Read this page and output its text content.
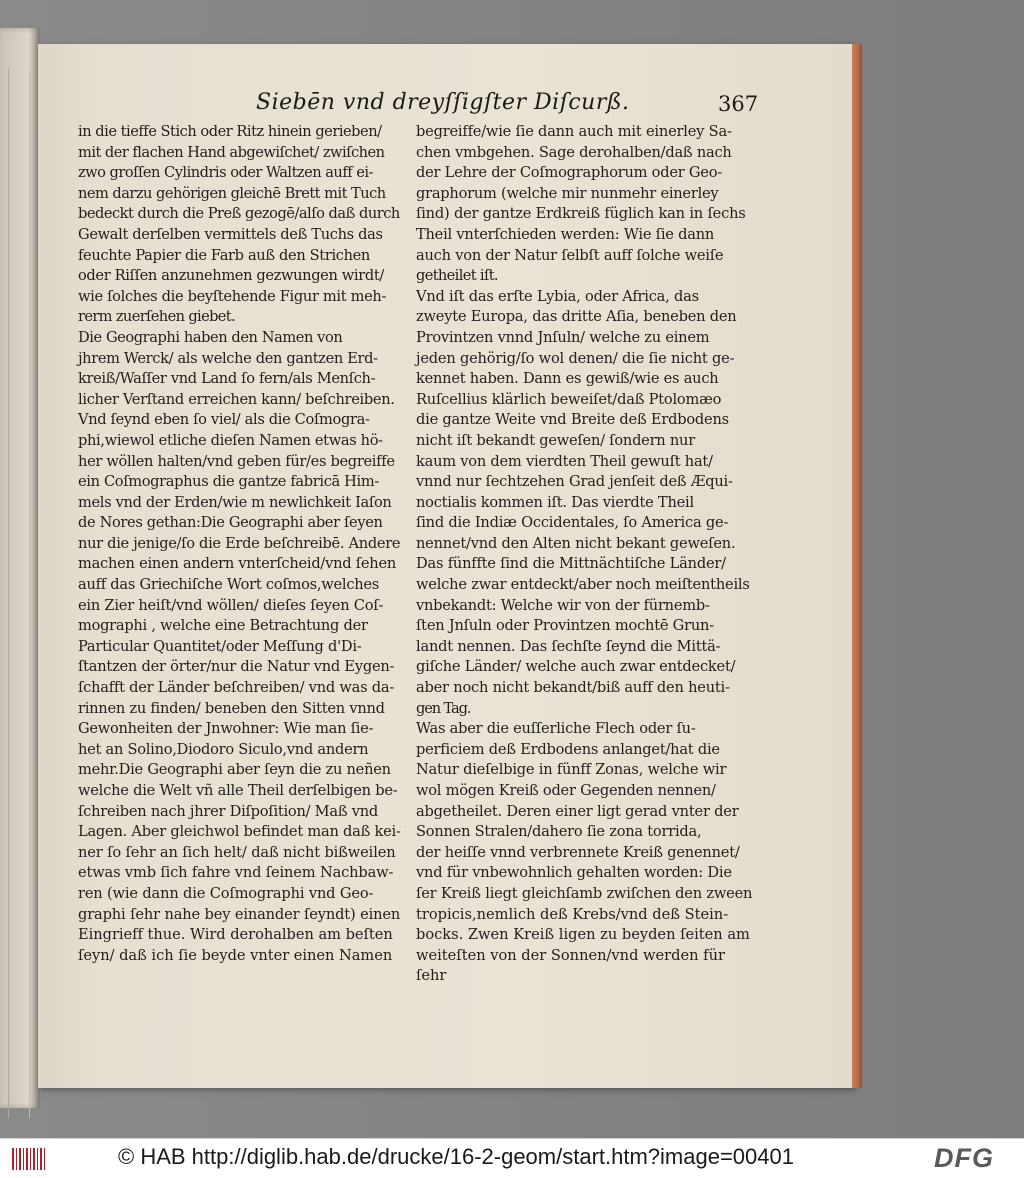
Siebēn vnd dreyſſigſter Diſcurß.	367
in die tieffe Stich oder Ritz hinein gerieben/
mit der flachen Hand abgewiſchet/ zwiſchen
zwo groſſen Cylindris oder Waltzen auff ei-
nem darzu gehörigen gleichē Brett mit Tuch
bedeckt durch die Preß gezogē/alſo daß durch
Gewalt derſelben vermittels deß Tuchs das
feuchte Papier die Farb auß den Strichen
oder Riſſen anzunehmen gezwungen wirdt/
wie ſolches die beyſtehende Figur mit meh-
rerm zuerſehen giebet.
Die Geographi haben den Namen von
jhrem Werck/ als welche den gantzen Erd-
kreiß/Waſſer vnd Land ſo fern/als Menſch-
licher Verſtand erreichen kann/ beſchreiben.
Vnd ſeynd eben ſo viel/ als die Coſmogra-
phi,wiewol etliche dieſen Namen etwas hö-
her wöllen halten/vnd geben für/es begreiffe
ein Coſmographus die gantze fabricā Him-
mels vnd der Erden/wie m newlichkeit Iaſon
de Nores gethan:Die Geographi aber ſeyen
nur die jenige/ſo die Erde beſchreibē. Andere
machen einen andern vnterſcheid/vnd ſehen
auff das Griechiſche Wort coſmos,welches
ein Zier heiſt/vnd wöllen/ dieſes ſeyen Coſ-
mographi , welche eine Betrachtung der
Particular Quantitet/oder Meſſung d'Di-
ſtantzen der örter/nur die Natur vnd Eygen-
ſchafft der Länder beſchreiben/ vnd was da-
rinnen zu finden/ beneben den Sitten vnnd
Gewonheiten der Jnwohner: Wie man ſie-
het an Solino,Diodoro Siculo,vnd andern
mehr.Die Geographi aber ſeyn die zu neñen
welche die Welt vñ alle Theil derſelbigen be-
ſchreiben nach jhrer Diſpoſition/ Maß vnd
Lagen. Aber gleichwol befindet man daß kei-
ner ſo ſehr an ſich helt/ daß nicht bißweilen
etwas vmb ſich fahre vnd ſeinem Nachbaw-
ren (wie dann die Coſmographi vnd Geo-
graphi ſehr nahe bey einander ſeyndt) einen
Eingrieff thue. Wird derohalben am beſten
ſeyn/ daß ich ſie beyde vnter einen Namen
begreiffe/wie ſie dann auch mit einerley Sa-
chen vmbgehen. Sage derohalben/daß nach
der Lehre der Coſmographorum oder Geo-
graphorum (welche mir nunmehr einerley
ſind) der gantze Erdkreiß füglich kan in ſechs
Theil vnterſchieden werden: Wie ſie dann
auch von der Natur ſelbſt auff ſolche weiſe
getheilet iſt.
Vnd iſt das erſte Lybia, oder Africa, das
zweyte Europa, das dritte Aſia, beneben den
Provintzen vnnd Jnſuln/ welche zu einem
jeden gehörig/ſo wol denen/ die ſie nicht ge-
kennet haben. Dann es gewiß/wie es auch
Ruſcellius klärlich beweiſet/daß Ptolomæo
die gantze Weite vnd Breite deß Erdbodens
nicht iſt bekandt geweſen/ ſondern nur
kaum von dem vierdten Theil gewuſt hat/
vnnd nur ſechtzehen Grad jenſeit deß Æqui-
noctialis kommen iſt. Das vierdte Theil
ſind die Indiæ Occidentales, ſo America ge-
nennet/vnd den Alten nicht bekant geweſen.
Das fünffte ſind die Mittnächtiſche Länder/
welche zwar entdeckt/aber noch meiſtentheils
vnbekandt: Welche wir von der fürnemb-
ſten Jnſuln oder Provintzen mochtē Grun-
landt nennen. Das ſechſte ſeynd die Mittä-
giſche Länder/ welche auch zwar entdecket/
aber noch nicht bekandt/biß auff den heuti-
gen Tag.
Was aber die euſſerliche Flech oder ſu-
perficiem deß Erdbodens anlanget/hat die
Natur dieſelbige in fünff Zonas, welche wir
wol mögen Kreiß oder Gegenden nennen/
abgetheilet. Deren einer ligt gerad vnter der
Sonnen Stralen/dahero ſie zona torrida,
der heiſſe vnnd verbrennete Kreiß genennet/
vnd für vnbewohnlich gehalten worden: Die
ſer Kreiß liegt gleichſamb zwiſchen den zween
tropicis,nemlich deß Krebs/vnd deß Stein-
bocks. Zwen Kreiß ligen zu beyden ſeiten am
weiteſten von der Sonnen/vnd werden für
ſehr
© HAB http://diglib.hab.de/drucke/16-2-geom/start.htm?image=00401	DFG
